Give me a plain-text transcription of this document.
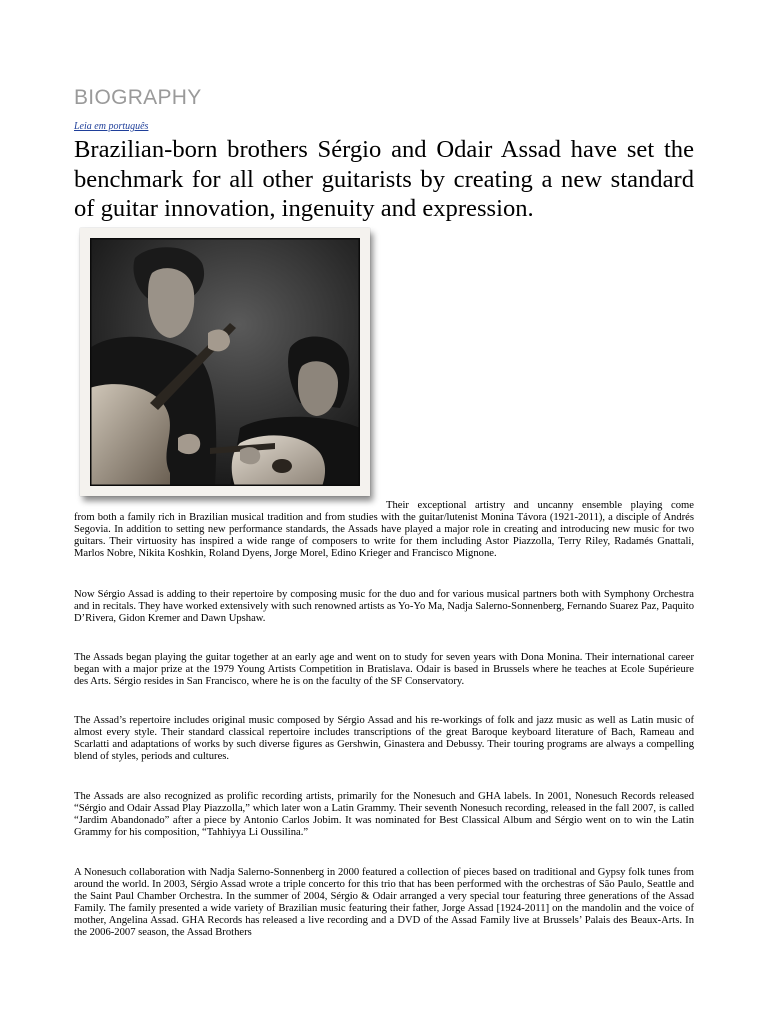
BIOGRAPHY
Leia em português

Brazilian-born brothers Sérgio and Odair Assad have set the benchmark for all other guitarists by creating a new standard of guitar innovation, ingenuity and expression.

Their exceptional artistry and uncanny ensemble playing come

from both a family rich in Brazilian musical tradition and from studies with the guitar/lutenist Monina Távora (1921-2011), a disciple of Andrés Segovia. In addition to setting new performance standards, the Assads have played a major role in creating and introducing new music for two guitars. Their virtuosity has inspired a wide range of composers to write for them including Astor Piazzolla, Terry Riley, Radamés Gnattali, Marlos Nobre, Nikita Koshkin, Roland Dyens, Jorge Morel, Edino Krieger and Francisco Mignone.

Now Sérgio Assad is adding to their repertoire by composing music for the duo and for various musical partners both with Symphony Orchestra and in recitals. They have worked extensively with such renowned artists as Yo-Yo Ma, Nadja Salerno-Sonnenberg, Fernando Suarez Paz, Paquito D’Rivera, Gidon Kremer and Dawn Upshaw.

The Assads began playing the guitar together at an early age and went on to study for seven years with Dona Monina. Their international career began with a major prize at the 1979 Young Artists Competition in Bratislava. Odair is based in Brussels where he teaches at Ecole Supérieure des Arts. Sérgio resides in San Francisco, where he is on the faculty of the SF Conservatory.

The Assad’s repertoire includes original music composed by Sérgio Assad and his re-workings of folk and jazz music as well as Latin music of almost every style. Their standard classical repertoire includes transcriptions of the great Baroque keyboard literature of Bach, Rameau and Scarlatti and adaptations of works by such diverse figures as Gershwin, Ginastera and Debussy. Their touring programs are always a compelling blend of styles, periods and cultures.

The Assads are also recognized as prolific recording artists, primarily for the Nonesuch and GHA labels. In 2001, Nonesuch Records released “Sérgio and Odair Assad Play Piazzolla,” which later won a Latin Grammy. Their seventh Nonesuch recording, released in the fall 2007, is called “Jardim Abandonado” after a piece by Antonio Carlos Jobim. It was nominated for Best Classical Album and Sérgio went on to win the Latin Grammy for his composition, “Tahhiyya Li Oussilina.”

A Nonesuch collaboration with Nadja Salerno-Sonnenberg in 2000 featured a collection of pieces based on traditional and Gypsy folk tunes from around the world. In 2003, Sérgio Assad wrote a triple concerto for this trio that has been performed with the orchestras of São Paulo, Seattle and the Saint Paul Chamber Orchestra. In the summer of 2004, Sérgio & Odair arranged a very special tour featuring three generations of the Assad Family. The family presented a wide variety of Brazilian music featuring their father, Jorge Assad [1924-2011] on the mandolin and the voice of mother, Angelina Assad. GHA Records has released a live recording and a DVD of the Assad Family live at Brussels’ Palais des Beaux-Arts. In the 2006-2007 season, the Assad Brothers
